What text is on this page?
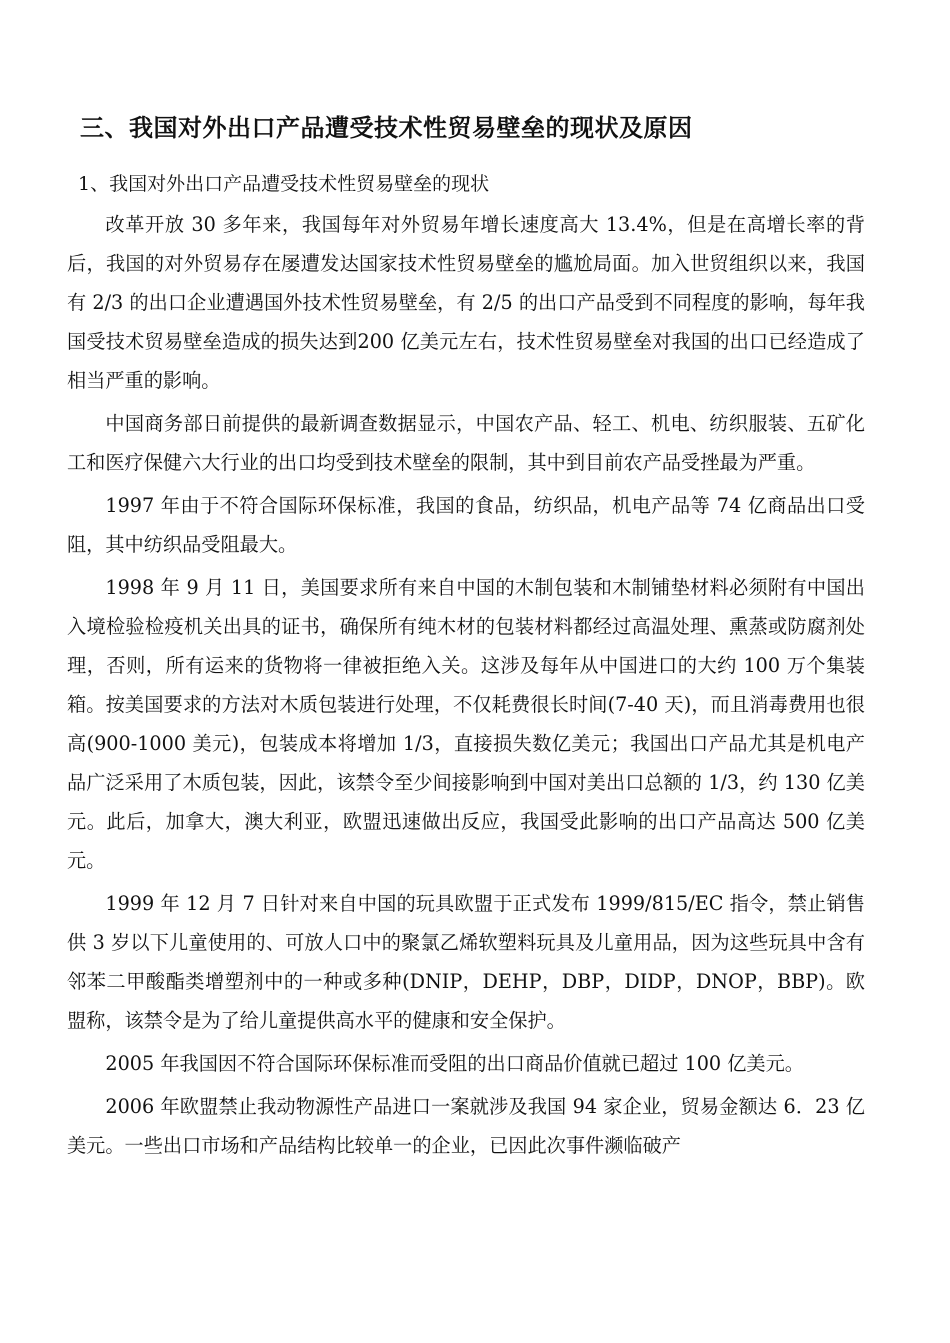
三、我国对外出口产品遭受技术性贸易壁垒的现状及原因
1、我国对外出口产品遭受技术性贸易壁垒的现状

改革开放 30 多年来，我国每年对外贸易年增长速度高大 13.4%，但是在高增长率的背后，我国的对外贸易存在屡遭发达国家技术性贸易壁垒的尴尬局面。加入世贸组织以来，我国有 2/3 的出口企业遭遇国外技术性贸易壁垒，有 2/5 的出口产品受到不同程度的影响，每年我国受技术贸易壁垒造成的损失达到200 亿美元左右，技术性贸易壁垒对我国的出口已经造成了相当严重的影响。

中国商务部日前提供的最新调查数据显示，中国农产品、轻工、机电、纺织服装、五矿化工和医疗保健六大行业的出口均受到技术壁垒的限制，其中到目前农产品受挫最为严重。

1997 年由于不符合国际环保标准，我国的食品，纺织品，机电产品等 74 亿商品出口受阻，其中纺织品受阻最大。

1998 年 9 月 11 日，美国要求所有来自中国的木制包装和木制铺垫材料必须附有中国出入境检验检疫机关出具的证书，确保所有纯木材的包装材料都经过高温处理、熏蒸或防腐剂处理，否则，所有运来的货物将一律被拒绝入关。这涉及每年从中国进口的大约 100 万个集装箱。按美国要求的方法对木质包装进行处理，不仅耗费很长时间(7-40 天)，而且消毒费用也很高(900-1000 美元)，包装成本将增加 1/3，直接损失数亿美元；我国出口产品尤其是机电产品广泛采用了木质包装，因此，该禁令至少间接影响到中国对美出口总额的 1/3，约 130 亿美元。此后，加拿大，澳大利亚，欧盟迅速做出反应，我国受此影响的出口产品高达 500 亿美元。

1999 年 12 月 7 日针对来自中国的玩具欧盟于正式发布 1999/815/EC 指令，禁止销售供 3 岁以下儿童使用的、可放人口中的聚氯乙烯软塑料玩具及儿童用品，因为这些玩具中含有邻苯二甲酸酯类增塑剂中的一种或多种(DNIP，DEHP，DBP，DIDP，DNOP，BBP)。欧盟称，该禁令是为了给儿童提供高水平的健康和安全保护。

2005 年我国因不符合国际环保标准而受阻的出口商品价值就已超过 100 亿美元。

2006 年欧盟禁止我动物源性产品进口一案就涉及我国 94 家企业，贸易金额达 6．23 亿美元。一些出口市场和产品结构比较单一的企业，已因此次事件濒临破产
